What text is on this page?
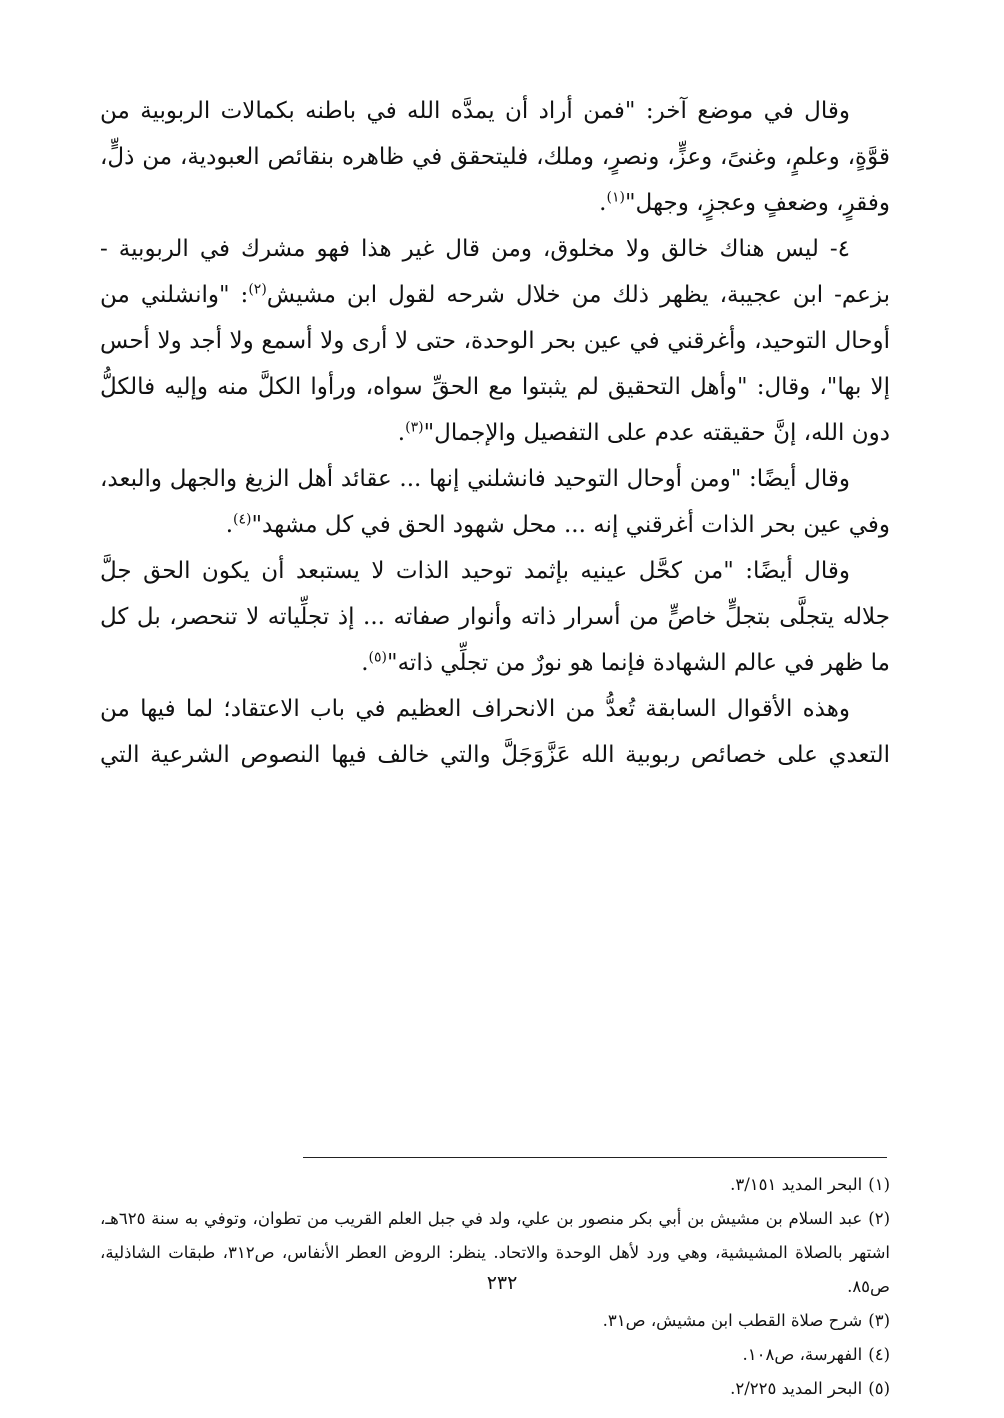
وقال في موضع آخر: "فمن أراد أن يمدَّه الله في باطنه بكمالات الربوبية من قوَّةٍ، وعلمٍ، وغنىً، وعزٍّ، ونصرٍ، وملك، فليتحقق في ظاهره بنقائص العبودية، من ذلٍّ، وفقرٍ، وضعفٍ وعجزٍ، وجهل"$^{(١)}$.

٤- ليس هناك خالق ولا مخلوق، ومن قال غير هذا فهو مشرك في الربوبية - بزعم- ابن عجيبة، يظهر ذلك من خلال شرحه لقول ابن مشيش$^{(٢)}$: "وانشلني من أوحال التوحيد، وأغرقني في عين بحر الوحدة، حتى لا أرى ولا أسمع ولا أجد ولا أحس إلا بها"، وقال: "وأهل التحقيق لم يثبتوا مع الحقِّ سواه، ورأوا الكلَّ منه وإليه فالكلُّ دون الله، إنَّ حقيقته عدم على التفصيل والإجمال"$^{(٣)}$.

وقال أيضًا: "ومن أوحال التوحيد فانشلني إنها ... عقائد أهل الزيغ والجهل والبعد، وفي عين بحر الذات أغرقني إنه ... محل شهود الحق في كل مشهد"$^{(٤)}$.

وقال أيضًا: "من كحَّل عينيه بإثمد توحيد الذات لا يستبعد أن يكون الحق جلَّ جلاله يتجلَّى بتجلٍّ خاصٍّ من أسرار ذاته وأنوار صفاته ... إذ تجلِّياته لا تنحصر، بل كل ما ظهر في عالم الشهادة فإنما هو نورٌ من تجلِّي ذاته"$^{(٥)}$.

وهذه الأقوال السابقة تُعدُّ من الانحراف العظيم في باب الاعتقاد؛ لما فيها من التعدي على خصائص ربوبية الله عَزَّوَجَلَّ والتي خالف فيها النصوص الشرعية التي

(١)البحر المديد ٣/١٥١.

(٢)عبد السلام بن مشيش بن أبي بكر منصور بن علي، ولد في جبل العلم القريب من تطوان، وتوفي به سنة ٦٢٥هـ، اشتهر بالصلاة المشيشية، وهي ورد لأهل الوحدة والاتحاد. ينظر: الروض العطر الأنفاس، ص٣١٢، طبقات الشاذلية، ص٨٥.

(٣)شرح صلاة القطب ابن مشيش، ص٣١.

(٤)الفهرسة، ص١٠٨.

(٥)البحر المديد ٢/٢٢٥.

٢٣٢
